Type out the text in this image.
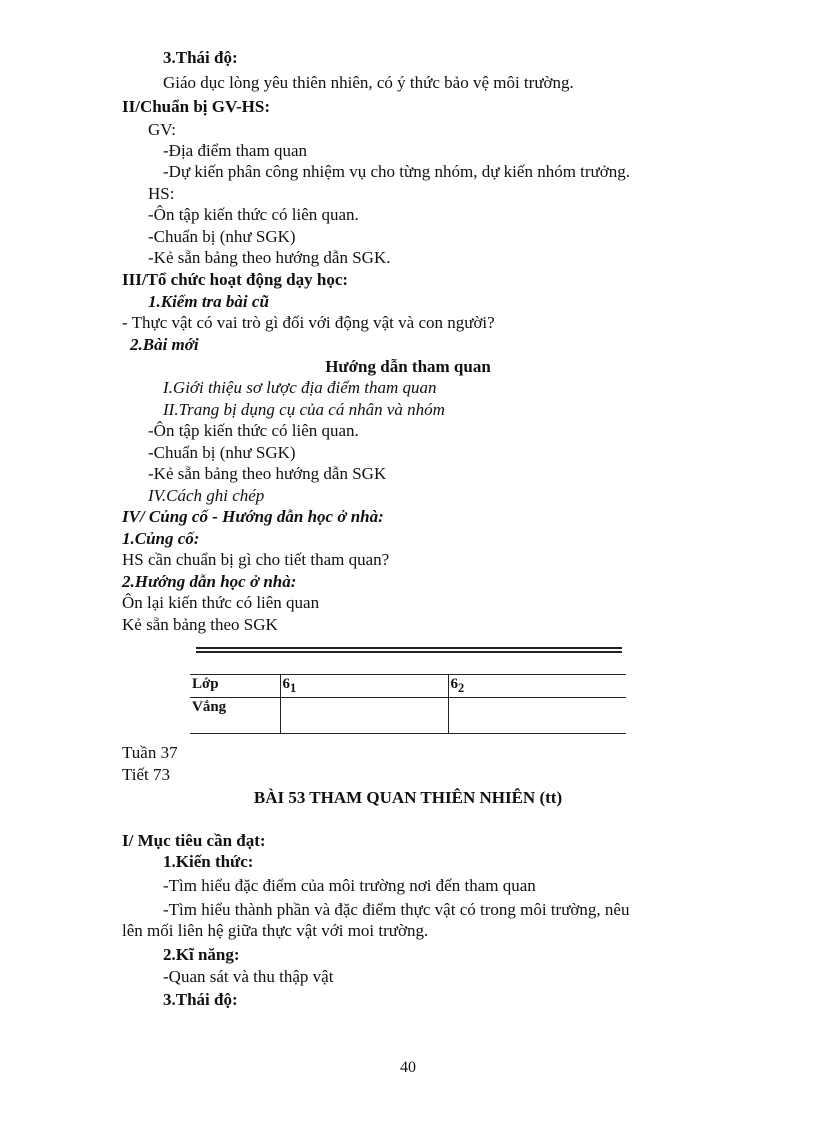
3.Thái độ:
Giáo dục lòng yêu thiên nhiên, có ý thức bảo vệ môi trường.
II/Chuẩn bị GV-HS:
GV:
-Địa điểm tham quan
-Dự kiến phân công nhiệm vụ cho từng nhóm, dự kiến nhóm trưởng.
HS:
-Ôn tập kiến thức có liên quan.
-Chuẩn bị (như SGK)
-Kẻ sẵn bảng theo hướng dẫn SGK.
III/Tổ chức hoạt động dạy học:
1.Kiểm tra bài cũ
- Thực vật có vai trò gì đối với động vật và con người?
2.Bài mới
Hướng dẫn tham quan
I.Giới thiệu sơ lược địa điểm tham quan
II.Trang bị dụng cụ của cá nhân và nhóm
-Ôn tập kiến thức có liên quan.
-Chuẩn bị (như SGK)
-Kẻ sẵn bảng theo hướng dẫn SGK
IV.Cách ghi chép
IV/ Củng cố - Hướng dẫn học ở nhà:
1.Củng cố:
HS cần chuẩn bị gì cho tiết tham quan?
2.Hướng dẫn học ở nhà:
Ôn lại kiến thức có liên quan
Kẻ sẵn bảng theo SGK
Lớp	$6_1$	$6_2$
Vắng		
Tuần 37
Tiết 73
BÀI 53 THAM QUAN THIÊN NHIÊN (tt)
I/ Mục tiêu cần đạt:
1.Kiến thức:
-Tìm hiểu đặc điểm của môi trường nơi đến tham quan
-Tìm hiểu thành phần và đặc điểm thực vật có trong môi trường, nêu
lên mối liên hệ giữa thực vật với moi trường.
2.Kĩ năng:
-Quan sát và thu thập vật
3.Thái độ:
40
